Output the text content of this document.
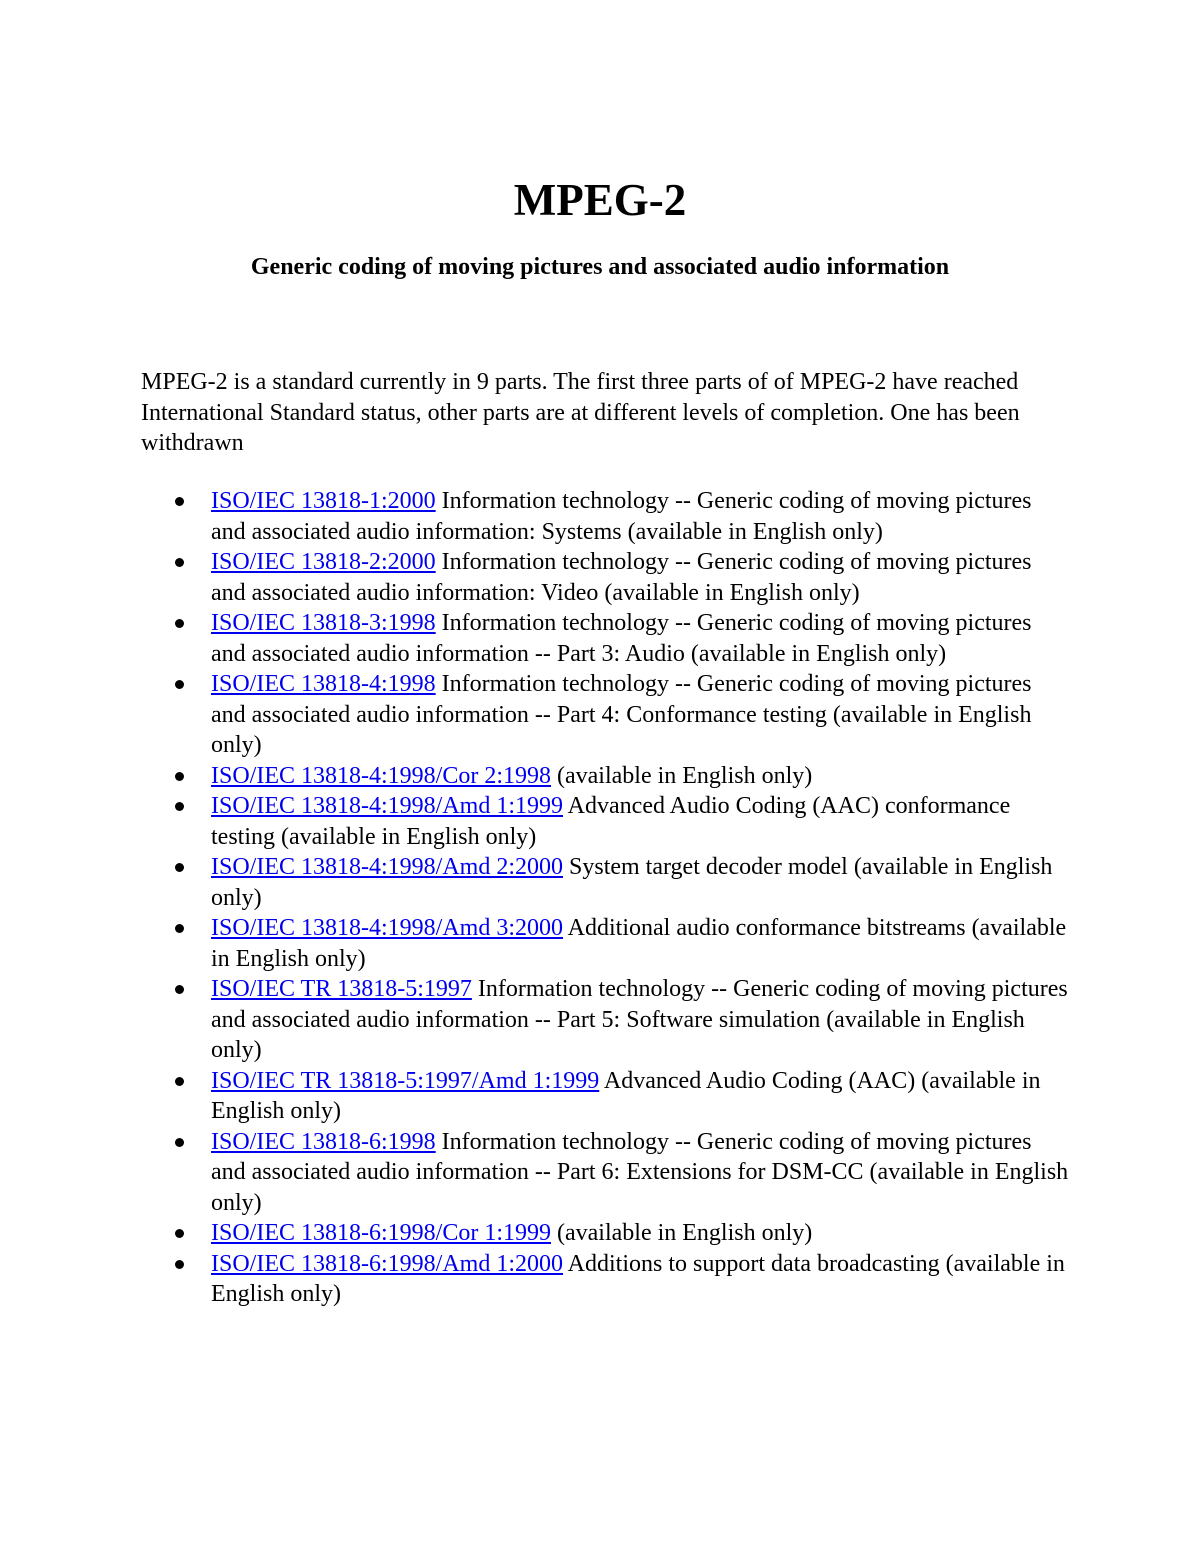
MPEG-2
Generic coding of moving pictures and associated audio information

MPEG-2 is a standard currently in 9 parts. The first three parts of of MPEG-2 have reached International Standard status, other parts are at different levels of completion. One has been withdrawn

ISO/IEC 13818-1:2000 Information technology -- Generic coding of moving pictures and associated audio information: Systems (available in English only)
ISO/IEC 13818-2:2000 Information technology -- Generic coding of moving pictures and associated audio information: Video (available in English only)
ISO/IEC 13818-3:1998 Information technology -- Generic coding of moving pictures and associated audio information -- Part 3: Audio (available in English only)
ISO/IEC 13818-4:1998 Information technology -- Generic coding of moving pictures and associated audio information -- Part 4: Conformance testing (available in English only)
ISO/IEC 13818-4:1998/Cor 2:1998 (available in English only)
ISO/IEC 13818-4:1998/Amd 1:1999 Advanced Audio Coding (AAC) conformance testing (available in English only)
ISO/IEC 13818-4:1998/Amd 2:2000 System target decoder model (available in English only)
ISO/IEC 13818-4:1998/Amd 3:2000 Additional audio conformance bitstreams (available in English only)
ISO/IEC TR 13818-5:1997 Information technology -- Generic coding of moving pictures and associated audio information -- Part 5: Software simulation (available in English only)
ISO/IEC TR 13818-5:1997/Amd 1:1999 Advanced Audio Coding (AAC) (available in English only)
ISO/IEC 13818-6:1998 Information technology -- Generic coding of moving pictures and associated audio information -- Part 6: Extensions for DSM-CC (available in English only)
ISO/IEC 13818-6:1998/Cor 1:1999 (available in English only)
ISO/IEC 13818-6:1998/Amd 1:2000 Additions to support data broadcasting (available in English only)
